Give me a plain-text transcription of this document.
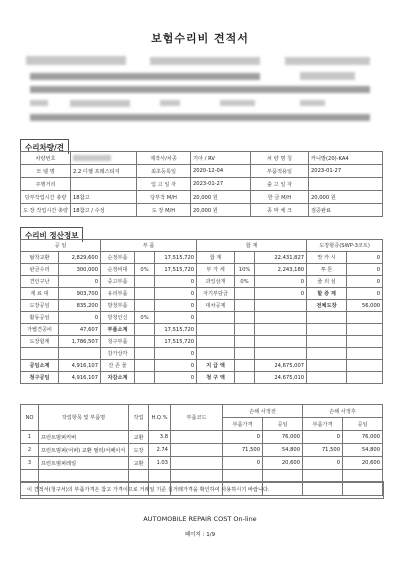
보험수리비 견적서
수리차량/견
차량번호		제작사/차종	기아 / RV	차 량 명 칭	카니발(20)-KA4
모 델 명	2.2 디젤 프레스티지	최초등록일	2020-12-04	부품적용일	2023-01-27
주행거리		입 고 일 자	2023-01-27	출 고 일 자	
당부작업시간 총량	18참고	당부작 M/H	20,000 원	한 금 M/H	20,000 원
도 장 작업시간 총량	18참고 / 수성	도 장 M/H	20,000 원	종 막 체 크	검증완료
수리비 정산정보
공 임		부 품			합 계			도장할증(SWP-3코트)	
탈착교환	2,829,600	순정부품		17,515,720	합 계		22,431,827	맛 카 시	0
판금수리	300,000	순정비대	0%	17,515,720	부 가 세	10%	2,243,180	투 톤	0
견인구난	0	중고부품		0	과잉삼개	0%	0	줄 리 심	0
재 료 대	903,700	유리부품		0	자기부담금		0	할 증 계	0
도장공임	835,200	방청부품		0	대차공제			전체도장	56,000
활동공임	0	방청인신	0%	0					
가볍견공비	47,607	부품소계		17,515,720					
도장합계	1,786,507	청구부품		17,515,720					
		감가상각		0					
공임소계	4,916,107	잔 존 물		0	지 급 액		24,675,007		
청구공임	4,916,107	자감소계		0	청 구 액		24,675,010		
NO	작업항목 및 부품명	작업	H.Q.%	부품코드	손해 사정전		손해 사정후	
					부품가격	공임	부품가격	공임
1	프런트범퍼커버	교환	3.8		0	76,000	0	76,000
2	프런트범퍼(어퍼) 교환 필러/서페이서	도장	2.74		71,500	54,800	71,500	54,800
3	프런트범퍼레일	교환	1.03		0	20,600	0	20,600

이 견적서(청구서)의 부품가격은 참고 가격이므로 거래일 기준 실거래가격을 확인하여 사용하시기 바랍니다.
AUTOMOBILE REPAIR COST On-line
페이지 : 1/9
